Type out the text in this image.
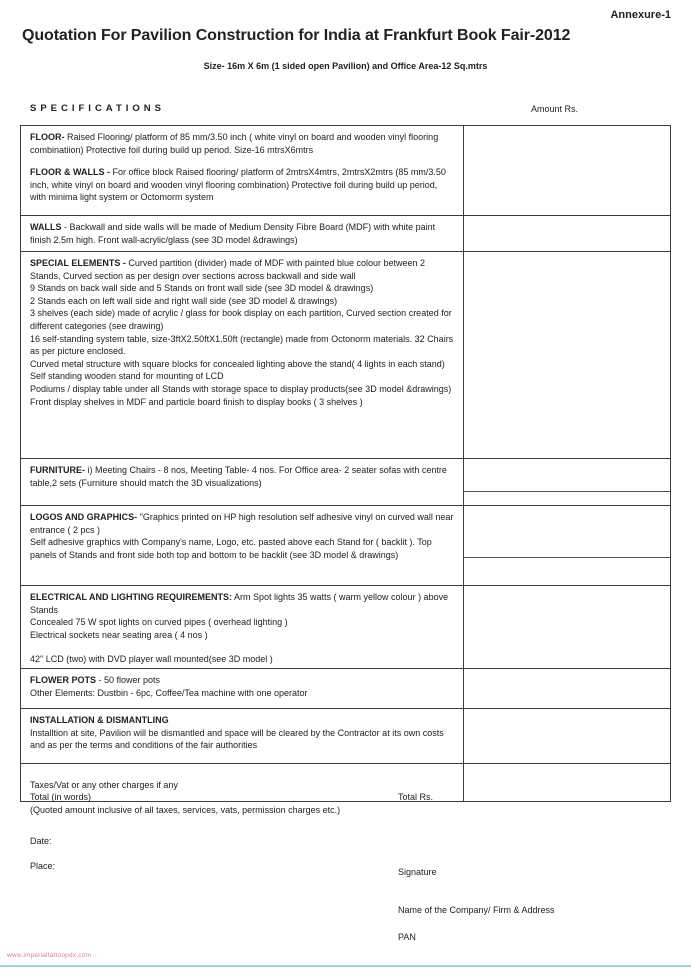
Annexure-1
Quotation For Pavilion Construction for India at Frankfurt Book Fair-2012
Size- 16m X 6m (1 sided open Pavilion) and Office Area-12 Sq.mtrs
SPECIFICATIONS	Amount Rs.
FLOOR- Raised Flooring/ platform of 85 mm/3.50 inch ( white vinyl on board and wooden vinyl flooring combinatiion) Protective foil during build up period. Size-16 mtrsX6mtrs
FLOOR & WALLS - For office block Raised flooring/ platform of 2mtrsX4mtrs, 2mtrsX2mtrs (85 mm/3.50 inch, white vinyl on board and wooden vinyl flooring combination) Protective foil during build up period, with minima light system or Octomorm system
WALLS - Backwall and side walls will be made of Medium Density Fibre Board (MDF) with white paint finish 2.5m high. Front wall-acrylic/glass (see 3D model &drawings)
SPECIAL ELEMENTS - Curved partition (divider) made of MDF with painted blue colour between 2 Stands, Curved section as per design over sections across backwall and side wall
9 Stands on back wall side and 5 Stands on front wall side (see 3D model & drawings)
2 Stands each on left wall side and right wall side (see 3D model & drawings)
3 shelves (each side) made of acrylic / glass for book display on each partition, Curved section created for different categories (see drawing)
16 self-standing system table, size-3ftX2.50ftX1.50ft (rectangle) made from Octonorm materials. 32 Chairs as per picture enclosed.
Curved metal structure with square blocks for concealed lighting above the stand( 4 lights in each stand)
Self standing wooden stand for mounting of LCD
Podiums / display table under all Stands with storage space to display products(see 3D model &drawings)
Front display shelves in MDF and particle board finish to display books ( 3 shelves )
FURNITURE- i) Meeting Chairs - 8 nos, Meeting Table- 4 nos. For Office area- 2 seater sofas with centre table,2 sets (Furniture should match the 3D visualizations)
LOGOS AND GRAPHICS- "Graphics printed on HP high resolution self adhesive vinyl on curved wall near entrance ( 2 pcs )
Self adhesive graphics with Company's name, Logo, etc. pasted above each Stand for ( backlit ). Top panels of Stands and front side both top and bottom to be backlit (see 3D model & drawings)
ELECTRICAL AND LIGHTING REQUIREMENTS: Arm Spot lights 35 watts ( warm yellow colour ) above Stands
Concealed 75 W spot lights on curved pipes ( overhead lighting )
Electrical sockets near seating area ( 4 nos )
42" LCD (two) with DVD player wall mounted(see 3D model )
FLOWER POTS - 50 flower pots
Other Elements: Dustbin - 6pc, Coffee/Tea machine with one operator
INSTALLATION & DISMANTLING
Installtion at site, Pavilion will be dismantled and space will be cleared by the Contractor at its own costs and as per the terms and conditions of the fair authorities
Taxes/Vat or any other charges if any
Total (in words)
(Quoted amount inclusive of all taxes, services, vats, permission charges etc.)
Total Rs.
Date:
Place:
Signature
Name of the Company/ Firm & Address
PAN
www.imperialtattoopdx.com
